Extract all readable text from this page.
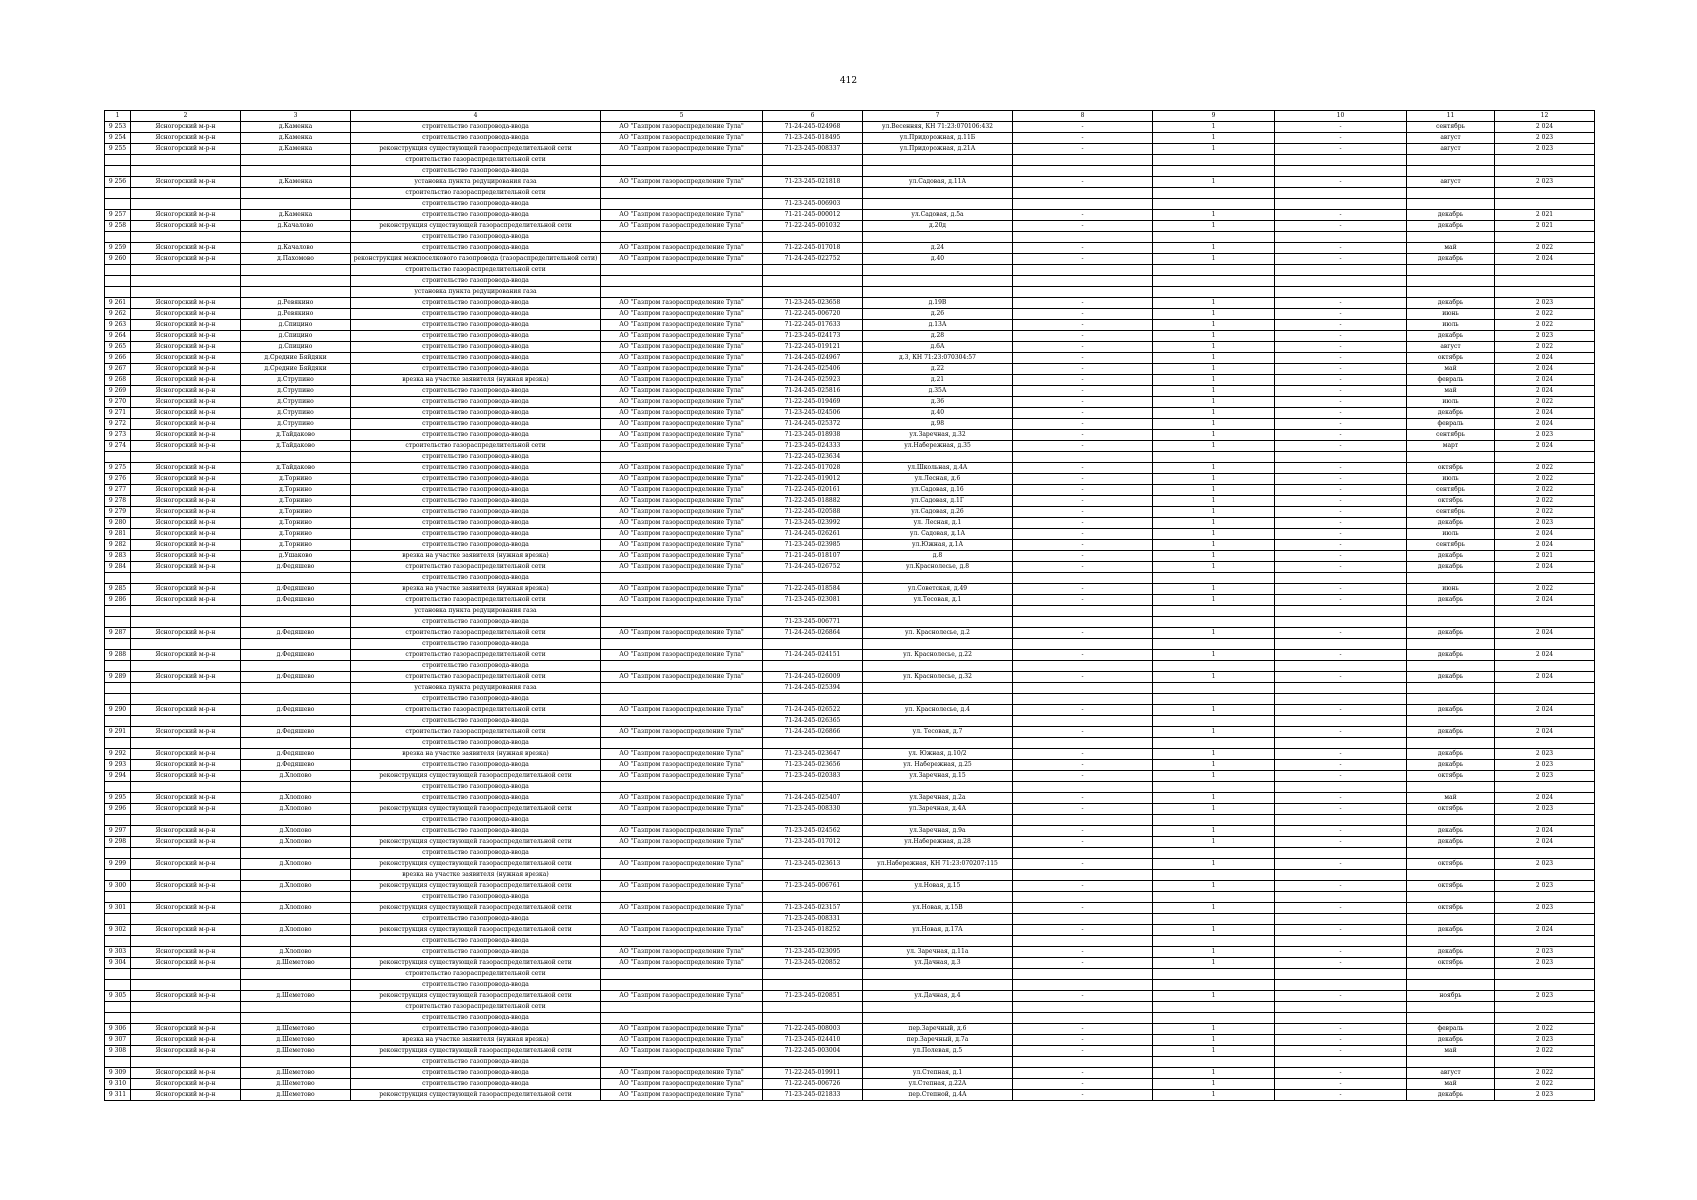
412
1	2	3	4	5	6	7	8	9	10	11	12
9 253	Ясногорский м-р-н	д.Каменка	строительство газопровода-ввода	АО "Газпром газораспределение Тула"	71-24-245-024968	ул.Весенняя, КН 71:23:070106:432	-	1	-	сентябрь	2 024
9 254	Ясногорский м-р-н	д.Каменка	строительство газопровода-ввода	АО "Газпром газораспределение Тула"	71-23-245-018495	ул.Придорожная, д.11Б	-	1	-	август	2 023
9 255	Ясногорский м-р-н	д.Каменка	реконструкция существующей газораспределительной сети	АО "Газпром газораспределение Тула"	71-23-245-008337	ул.Придорожная, д.21А	-	1	-	август	2 023
			строительство газораспределительной сети								
			строительство газопровода-ввода								
9 256	Ясногорский м-р-н	д.Каменка	установка пункта редуцирования газа	АО "Газпром газораспределение Тула"	71-23-245-021818	ул.Садовая, д.11А	-	1	-	август	2 023
			строительство газораспределительной сети								
			строительство газопровода-ввода		71-23-245-006903						
9 257	Ясногорский м-р-н	д.Каменка	строительство газопровода-ввода	АО "Газпром газораспределение Тула"	71-21-245-000012	ул.Садовая, д.5а	-	1	-	декабрь	2 021
9 258	Ясногорский м-р-н	д.Качалово	реконструкция существующей газораспределительной сети	АО "Газпром газораспределение Тула"	71-22-245-001032	д.20д	-	1	-	декабрь	2 021
			строительство газопровода-ввода								
9 259	Ясногорский м-р-н	д.Качалово	строительство газопровода-ввода	АО "Газпром газораспределение Тула"	71-22-245-017018	д.24	-	1	-	май	2 022
9 260	Ясногорский м-р-н	д.Пахомово	реконструкция межпоселкового газопровода (газораспределительной сети)	АО "Газпром газораспределение Тула"	71-24-245-022752	д.40	-	1	-	декабрь	2 024
			строительство газораспределительной сети								
			строительство газопровода-ввода								
			установка пункта редуцирования газа								
9 261	Ясногорский м-р-н	д.Ревякино	строительство газопровода-ввода	АО "Газпром газораспределение Тула"	71-23-245-023658	д.19В	-	1	-	декабрь	2 023
9 262	Ясногорский м-р-н	д.Ревякино	строительство газопровода-ввода	АО "Газпром газораспределение Тула"	71-22-245-006720	д.26	-	1	-	июнь	2 022
9 263	Ясногорский м-р-н	д.Спицино	строительство газопровода-ввода	АО "Газпром газораспределение Тула"	71-22-245-017633	д.13А	-	1	-	июль	2 022
9 264	Ясногорский м-р-н	д.Спицино	строительство газопровода-ввода	АО "Газпром газораспределение Тула"	71-23-245-024173	д.28	-	1	-	декабрь	2 023
9 265	Ясногорский м-р-н	д.Спицино	строительство газопровода-ввода	АО "Газпром газораспределение Тула"	71-22-245-019121	д.6А	-	1	-	август	2 022
9 266	Ясногорский м-р-н	д.Средние Бяйдяки	строительство газопровода-ввода	АО "Газпром газораспределение Тула"	71-24-245-024967	д.3, КН 71:23:070304:57	-	1	-	октябрь	2 024
9 267	Ясногорский м-р-н	д.Средние Бяйдяки	строительство газопровода-ввода	АО "Газпром газораспределение Тула"	71-24-245-025406	д.22	-	1	-	май	2 024
9 268	Ясногорский м-р-н	д.Струпино	врезка на участке заявителя (нужная врезка)	АО "Газпром газораспределение Тула"	71-24-245-025923	д.21	-	1	-	февраль	2 024
9 269	Ясногорский м-р-н	д.Струпино	строительство газопровода-ввода	АО "Газпром газораспределение Тула"	71-24-245-025816	д.35А	-	1	-	май	2 024
9 270	Ясногорский м-р-н	д.Струпино	строительство газопровода-ввода	АО "Газпром газораспределение Тула"	71-22-245-019469	д.36	-	1	-	июль	2 022
9 271	Ясногорский м-р-н	д.Струпино	строительство газопровода-ввода	АО "Газпром газораспределение Тула"	71-23-245-024506	д.40	-	1	-	декабрь	2 024
9 272	Ясногорский м-р-н	д.Струпино	строительство газопровода-ввода	АО "Газпром газораспределение Тула"	71-24-245-025372	д.98	-	1	-	февраль	2 024
9 273	Ясногорский м-р-н	д.Тайдаково	строительство газопровода-ввода	АО "Газпром газораспределение Тула"	71-23-245-018938	ул.Заречная, д.32	-	1	-	сентябрь	2 023
9 274	Ясногорский м-р-н	д.Тайдаково	строительство газораспределительной сети	АО "Газпром газораспределение Тула"	71-23-245-024333	ул.Набережная, д.35	-	1	-	март	2 024
			строительство газопровода-ввода		71-22-245-023634						
9 275	Ясногорский м-р-н	д.Тайдаково	строительство газопровода-ввода	АО "Газпром газораспределение Тула"	71-22-245-017028	ул.Школьная, д.4А	-	1	-	октябрь	2 022
9 276	Ясногорский м-р-н	д.Торнино	строительство газопровода-ввода	АО "Газпром газораспределение Тула"	71-22-245-019012	ул.Лесная, д.6	-	1	-	июль	2 022
9 277	Ясногорский м-р-н	д.Торнино	строительство газопровода-ввода	АО "Газпром газораспределение Тула"	71-22-245-020161	ул.Садовая, д.16	-	1	-	сентябрь	2 022
9 278	Ясногорский м-р-н	д.Торнино	строительство газопровода-ввода	АО "Газпром газораспределение Тула"	71-22-245-018882	ул.Садовая, д.1Г	-	1	-	октябрь	2 022
9 279	Ясногорский м-р-н	д.Торнино	строительство газопровода-ввода	АО "Газпром газораспределение Тула"	71-22-245-020588	ул.Садовая, д.26	-	1	-	сентябрь	2 022
9 280	Ясногорский м-р-н	д.Торнино	строительство газопровода-ввода	АО "Газпром газораспределение Тула"	71-23-245-023992	ул. Лесная, д.1	-	1	-	декабрь	2 023
9 281	Ясногорский м-р-н	д.Торнино	строительство газопровода-ввода	АО "Газпром газораспределение Тула"	71-24-245-026261	ул. Садовая, д.1А	-	1	-	июль	2 024
9 282	Ясногорский м-р-н	д.Торнино	строительство газопровода-ввода	АО "Газпром газораспределение Тула"	71-23-245-023985	ул.Южная, д.1А	-	1	-	сентябрь	2 024
9 283	Ясногорский м-р-н	д.Ушаково	врезка на участке заявителя (нужная врезка)	АО "Газпром газораспределение Тула"	71-21-245-018107	д.8	-	1	-	декабрь	2 021
9 284	Ясногорский м-р-н	д.Федяшево	строительство газораспределительной сети	АО "Газпром газораспределение Тула"	71-24-245-026752	ул.Краснолесье, д.8	-	1	-	декабрь	2 024
			строительство газопровода-ввода								
9 285	Ясногорский м-р-н	д.Федяшево	врезка на участке заявителя (нужная врезка)	АО "Газпром газораспределение Тула"	71-22-245-018584	ул.Советская, д.49	-	1	-	июнь	2 022
9 286	Ясногорский м-р-н	д.Федяшево	строительство газораспределительной сети	АО "Газпром газораспределение Тула"	71-23-245-023081	ул.Тесовая, д.1	-	1	-	декабрь	2 024
			установка пункта редуцирования газа								
			строительство газопровода-ввода		71-23-245-006771						
9 287	Ясногорский м-р-н	д.Федяшево	строительство газораспределительной сети	АО "Газпром газораспределение Тула"	71-24-245-026864	ул. Краснолесье, д.2	-	1	-	декабрь	2 024
			строительство газопровода-ввода								
9 288	Ясногорский м-р-н	д.Федяшево	строительство газораспределительной сети	АО "Газпром газораспределение Тула"	71-24-245-024151	ул. Краснолесье, д.22	-	1	-	декабрь	2 024
			строительство газопровода-ввода								
9 289	Ясногорский м-р-н	д.Федяшево	строительство газораспределительной сети	АО "Газпром газораспределение Тула"	71-24-245-026009	ул. Краснолесье, д.32	-	1	-	декабрь	2 024
			установка пункта редуцирования газа		71-24-245-025394						
			строительство газопровода-ввода								
9 290	Ясногорский м-р-н	д.Федяшево	строительство газораспределительной сети	АО "Газпром газораспределение Тула"	71-24-245-026522	ул. Краснолесье, д.4	-	1	-	декабрь	2 024
			строительство газопровода-ввода		71-24-245-026365						
9 291	Ясногорский м-р-н	д.Федяшево	строительство газораспределительной сети	АО "Газпром газораспределение Тула"	71-24-245-026866	ул. Тесовая, д.7	-	1	-	декабрь	2 024
			строительство газопровода-ввода								
9 292	Ясногорский м-р-н	д.Федяшево	врезка на участке заявителя (нужная врезка)	АО "Газпром газораспределение Тула"	71-23-245-023647	ул. Южная, д.10/2	-	1	-	декабрь	2 023
9 293	Ясногорский м-р-н	д.Федяшево	строительство газопровода-ввода	АО "Газпром газораспределение Тула"	71-23-245-023656	ул. Набережная, д.25	-	1	-	декабрь	2 023
9 294	Ясногорский м-р-н	д.Хлопово	реконструкция существующей газораспределительной сети	АО "Газпром газораспределение Тула"	71-23-245-020383	ул.Заречная, д.15	-	1	-	октябрь	2 023
			строительство газопровода-ввода								
9 295	Ясногорский м-р-н	д.Хлопово	строительство газопровода-ввода	АО "Газпром газораспределение Тула"	71-24-245-025407	ул.Заречная, д.2а	-	1	-	май	2 024
9 296	Ясногорский м-р-н	д.Хлопово	реконструкция существующей газораспределительной сети	АО "Газпром газораспределение Тула"	71-23-245-008330	ул.Заречная, д.4А	-	1	-	октябрь	2 023
			строительство газопровода-ввода								
9 297	Ясногорский м-р-н	д.Хлопово	строительство газопровода-ввода	АО "Газпром газораспределение Тула"	71-23-245-024562	ул.Заречная, д.9а	-	1	-	декабрь	2 024
9 298	Ясногорский м-р-н	д.Хлопово	реконструкция существующей газораспределительной сети	АО "Газпром газораспределение Тула"	71-23-245-017012	ул.Набережная, д.28	-	1	-	декабрь	2 024
			строительство газопровода-ввода								
9 299	Ясногорский м-р-н	д.Хлопово	реконструкция существующей газораспределительной сети	АО "Газпром газораспределение Тула"	71-23-245-023613	ул.Набережная, КН 71:23:070207:115	-	1	-	октябрь	2 023
			врезка на участке заявителя (нужная врезка)								
9 300	Ясногорский м-р-н	д.Хлопово	реконструкция существующей газораспределительной сети	АО "Газпром газораспределение Тула"	71-23-245-006761	ул.Новая, д.15	-	1	-	октябрь	2 023
			строительство газопровода-ввода								
9 301	Ясногорский м-р-н	д.Хлопово	реконструкция существующей газораспределительной сети	АО "Газпром газораспределение Тула"	71-23-245-023157	ул.Новая, д.15В	-	1	-	октябрь	2 023
			строительство газопровода-ввода		71-23-245-008331						
9 302	Ясногорский м-р-н	д.Хлопово	реконструкция существующей газораспределительной сети	АО "Газпром газораспределение Тула"	71-23-245-018252	ул.Новая, д.17А	-	1	-	декабрь	2 024
			строительство газопровода-ввода								
9 303	Ясногорский м-р-н	д.Хлопово	строительство газопровода-ввода	АО "Газпром газораспределение Тула"	71-23-245-023095	ул. Заречная, д.11а	-	1	-	декабрь	2 023
9 304	Ясногорский м-р-н	д.Шеметово	реконструкция существующей газораспределительной сети	АО "Газпром газораспределение Тула"	71-23-245-020852	ул.Дачная, д.3	-	1	-	октябрь	2 023
			строительство газораспределительной сети								
			строительство газопровода-ввода								
9 305	Ясногорский м-р-н	д.Шеметово	реконструкция существующей газораспределительной сети	АО "Газпром газораспределение Тула"	71-23-245-020851	ул.Дачная, д.4	-	1	-	ноябрь	2 023
			строительство газораспределительной сети								
			строительство газопровода-ввода								
9 306	Ясногорский м-р-н	д.Шеметово	строительство газопровода-ввода	АО "Газпром газораспределение Тула"	71-22-245-008003	пер.Заречный, д.6	-	1	-	февраль	2 022
9 307	Ясногорский м-р-н	д.Шеметово	врезка на участке заявителя (нужная врезка)	АО "Газпром газораспределение Тула"	71-23-245-024410	пер.Заречный, д.7а	-	1	-	декабрь	2 023
9 308	Ясногорский м-р-н	д.Шеметово	реконструкция существующей газораспределительной сети	АО "Газпром газораспределение Тула"	71-22-245-003004	ул.Полевая, д.5	-	1	-	май	2 022
			строительство газопровода-ввода								
9 309	Ясногорский м-р-н	д.Шеметово	строительство газопровода-ввода	АО "Газпром газораспределение Тула"	71-22-245-019911	ул.Степная, д.1	-	1	-	август	2 022
9 310	Ясногорский м-р-н	д.Шеметово	строительство газопровода-ввода	АО "Газпром газораспределение Тула"	71-22-245-006726	ул.Степная, д.22А	-	1	-	май	2 022
9 311	Ясногорский м-р-н	д.Шеметово	реконструкция существующей газораспределительной сети	АО "Газпром газораспределение Тула"	71-23-245-021833	пер.Степной, д.4А	-	1	-	декабрь	2 023
